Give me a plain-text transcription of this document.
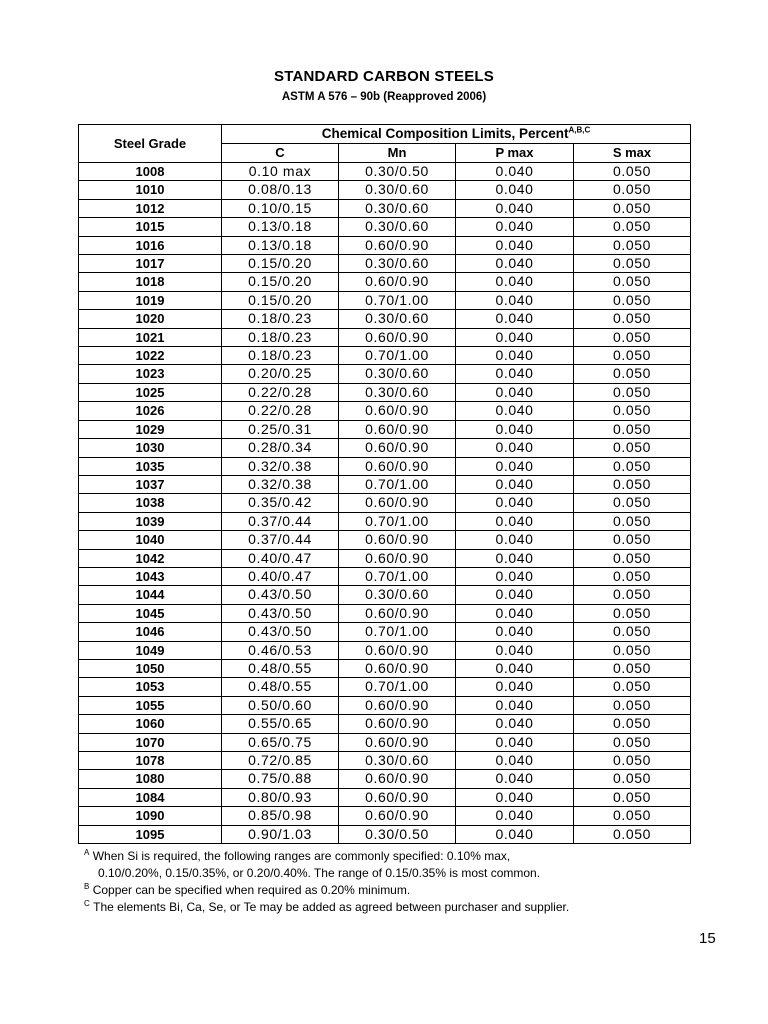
STANDARD CARBON STEELS
ASTM A 576 – 90b (Reapproved 2006)
Steel Grade	Chemical Composition Limits, Percent$^{A,B,C}$
	C	Mn	P max	S max
1008	0.10 max	0.30/0.50	0.040	0.050
1010	0.08/0.13	0.30/0.60	0.040	0.050
1012	0.10/0.15	0.30/0.60	0.040	0.050
1015	0.13/0.18	0.30/0.60	0.040	0.050
1016	0.13/0.18	0.60/0.90	0.040	0.050
1017	0.15/0.20	0.30/0.60	0.040	0.050
1018	0.15/0.20	0.60/0.90	0.040	0.050
1019	0.15/0.20	0.70/1.00	0.040	0.050
1020	0.18/0.23	0.30/0.60	0.040	0.050
1021	0.18/0.23	0.60/0.90	0.040	0.050
1022	0.18/0.23	0.70/1.00	0.040	0.050
1023	0.20/0.25	0.30/0.60	0.040	0.050
1025	0.22/0.28	0.30/0.60	0.040	0.050
1026	0.22/0.28	0.60/0.90	0.040	0.050
1029	0.25/0.31	0.60/0.90	0.040	0.050
1030	0.28/0.34	0.60/0.90	0.040	0.050
1035	0.32/0.38	0.60/0.90	0.040	0.050
1037	0.32/0.38	0.70/1.00	0.040	0.050
1038	0.35/0.42	0.60/0.90	0.040	0.050
1039	0.37/0.44	0.70/1.00	0.040	0.050
1040	0.37/0.44	0.60/0.90	0.040	0.050
1042	0.40/0.47	0.60/0.90	0.040	0.050
1043	0.40/0.47	0.70/1.00	0.040	0.050
1044	0.43/0.50	0.30/0.60	0.040	0.050
1045	0.43/0.50	0.60/0.90	0.040	0.050
1046	0.43/0.50	0.70/1.00	0.040	0.050
1049	0.46/0.53	0.60/0.90	0.040	0.050
1050	0.48/0.55	0.60/0.90	0.040	0.050
1053	0.48/0.55	0.70/1.00	0.040	0.050
1055	0.50/0.60	0.60/0.90	0.040	0.050
1060	0.55/0.65	0.60/0.90	0.040	0.050
1070	0.65/0.75	0.60/0.90	0.040	0.050
1078	0.72/0.85	0.30/0.60	0.040	0.050
1080	0.75/0.88	0.60/0.90	0.040	0.050
1084	0.80/0.93	0.60/0.90	0.040	0.050
1090	0.85/0.98	0.60/0.90	0.040	0.050
1095	0.90/1.03	0.30/0.50	0.040	0.050
$^A$ When Si is required, the following ranges are commonly specified: 0.10% max,
0.10/0.20%, 0.15/0.35%, or 0.20/0.40%. The range of 0.15/0.35% is most common.
$^B$ Copper can be specified when required as 0.20% minimum.
$^C$ The elements Bi, Ca, Se, or Te may be added as agreed between purchaser and supplier.
15
